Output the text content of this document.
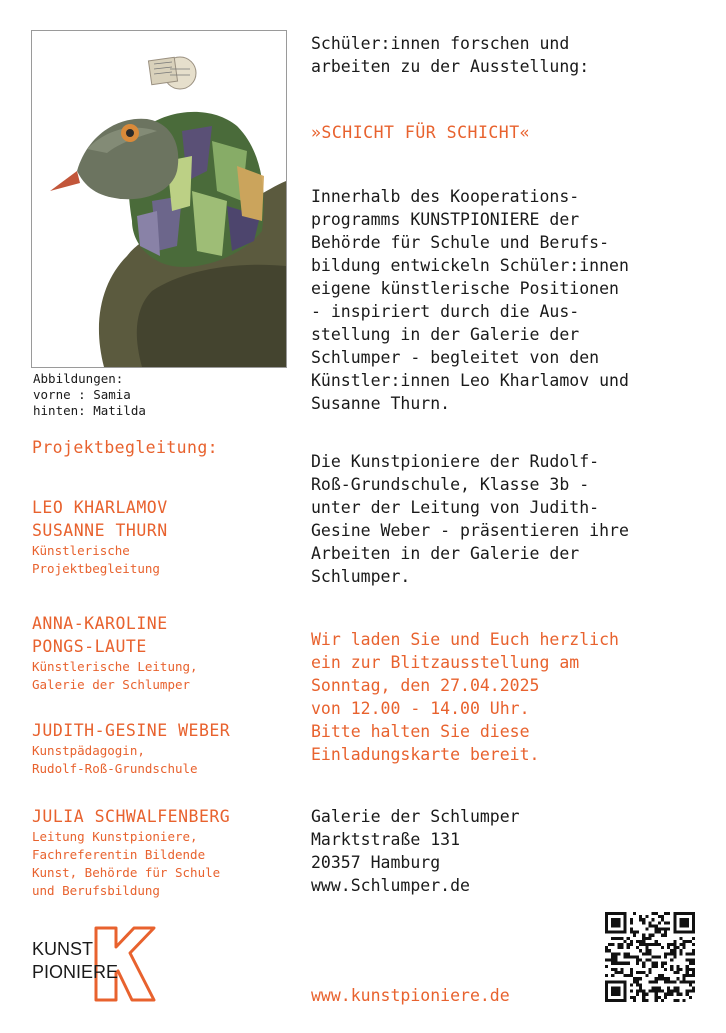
Abbildungen:
vorne : Samia
hinten: Matilda
Projektbegleitung:
LEO KHARLAMOV
SUSANNE THURN
Künstlerische
Projektbegleitung
ANNA-KAROLINE
PONGS-LAUTE
Künstlerische Leitung,
Galerie der Schlumper
JUDITH-GESINE WEBER
Kunstpädagogin,
Rudolf-Roß-Grundschule
JULIA SCHWALFENBERG
Leitung Kunstpioniere,
Fachreferentin Bildende
Kunst, Behörde für Schule
und Berufsbildung
Schüler:innen forschen und
arbeiten zu der Ausstellung:
»SCHICHT FÜR SCHICHT«
Innerhalb des Kooperations-
programms KUNSTPIONIERE der
Behörde für Schule und Berufs-
bildung entwickeln Schüler:innen
eigene künstlerische Positionen
- inspiriert durch die Aus-
stellung in der Galerie der
Schlumper - begleitet von den
Künstler:innen Leo Kharlamov und
Susanne Thurn.
Die Kunstpioniere der Rudolf-
Roß-Grundschule, Klasse 3b -
unter der Leitung von Judith-
Gesine Weber - präsentieren ihre
Arbeiten in der Galerie der
Schlumper.
Wir laden Sie und Euch herzlich
ein zur Blitzausstellung am
Sonntag, den 27.04.2025
von 12.00 - 14.00 Uhr.
Bitte halten Sie diese
Einladungskarte bereit.
Galerie der Schlumper
Marktstraße 131
20357 Hamburg
www.Schlumper.de
www.kunstpioniere.de
KUNST
PIONIERE
